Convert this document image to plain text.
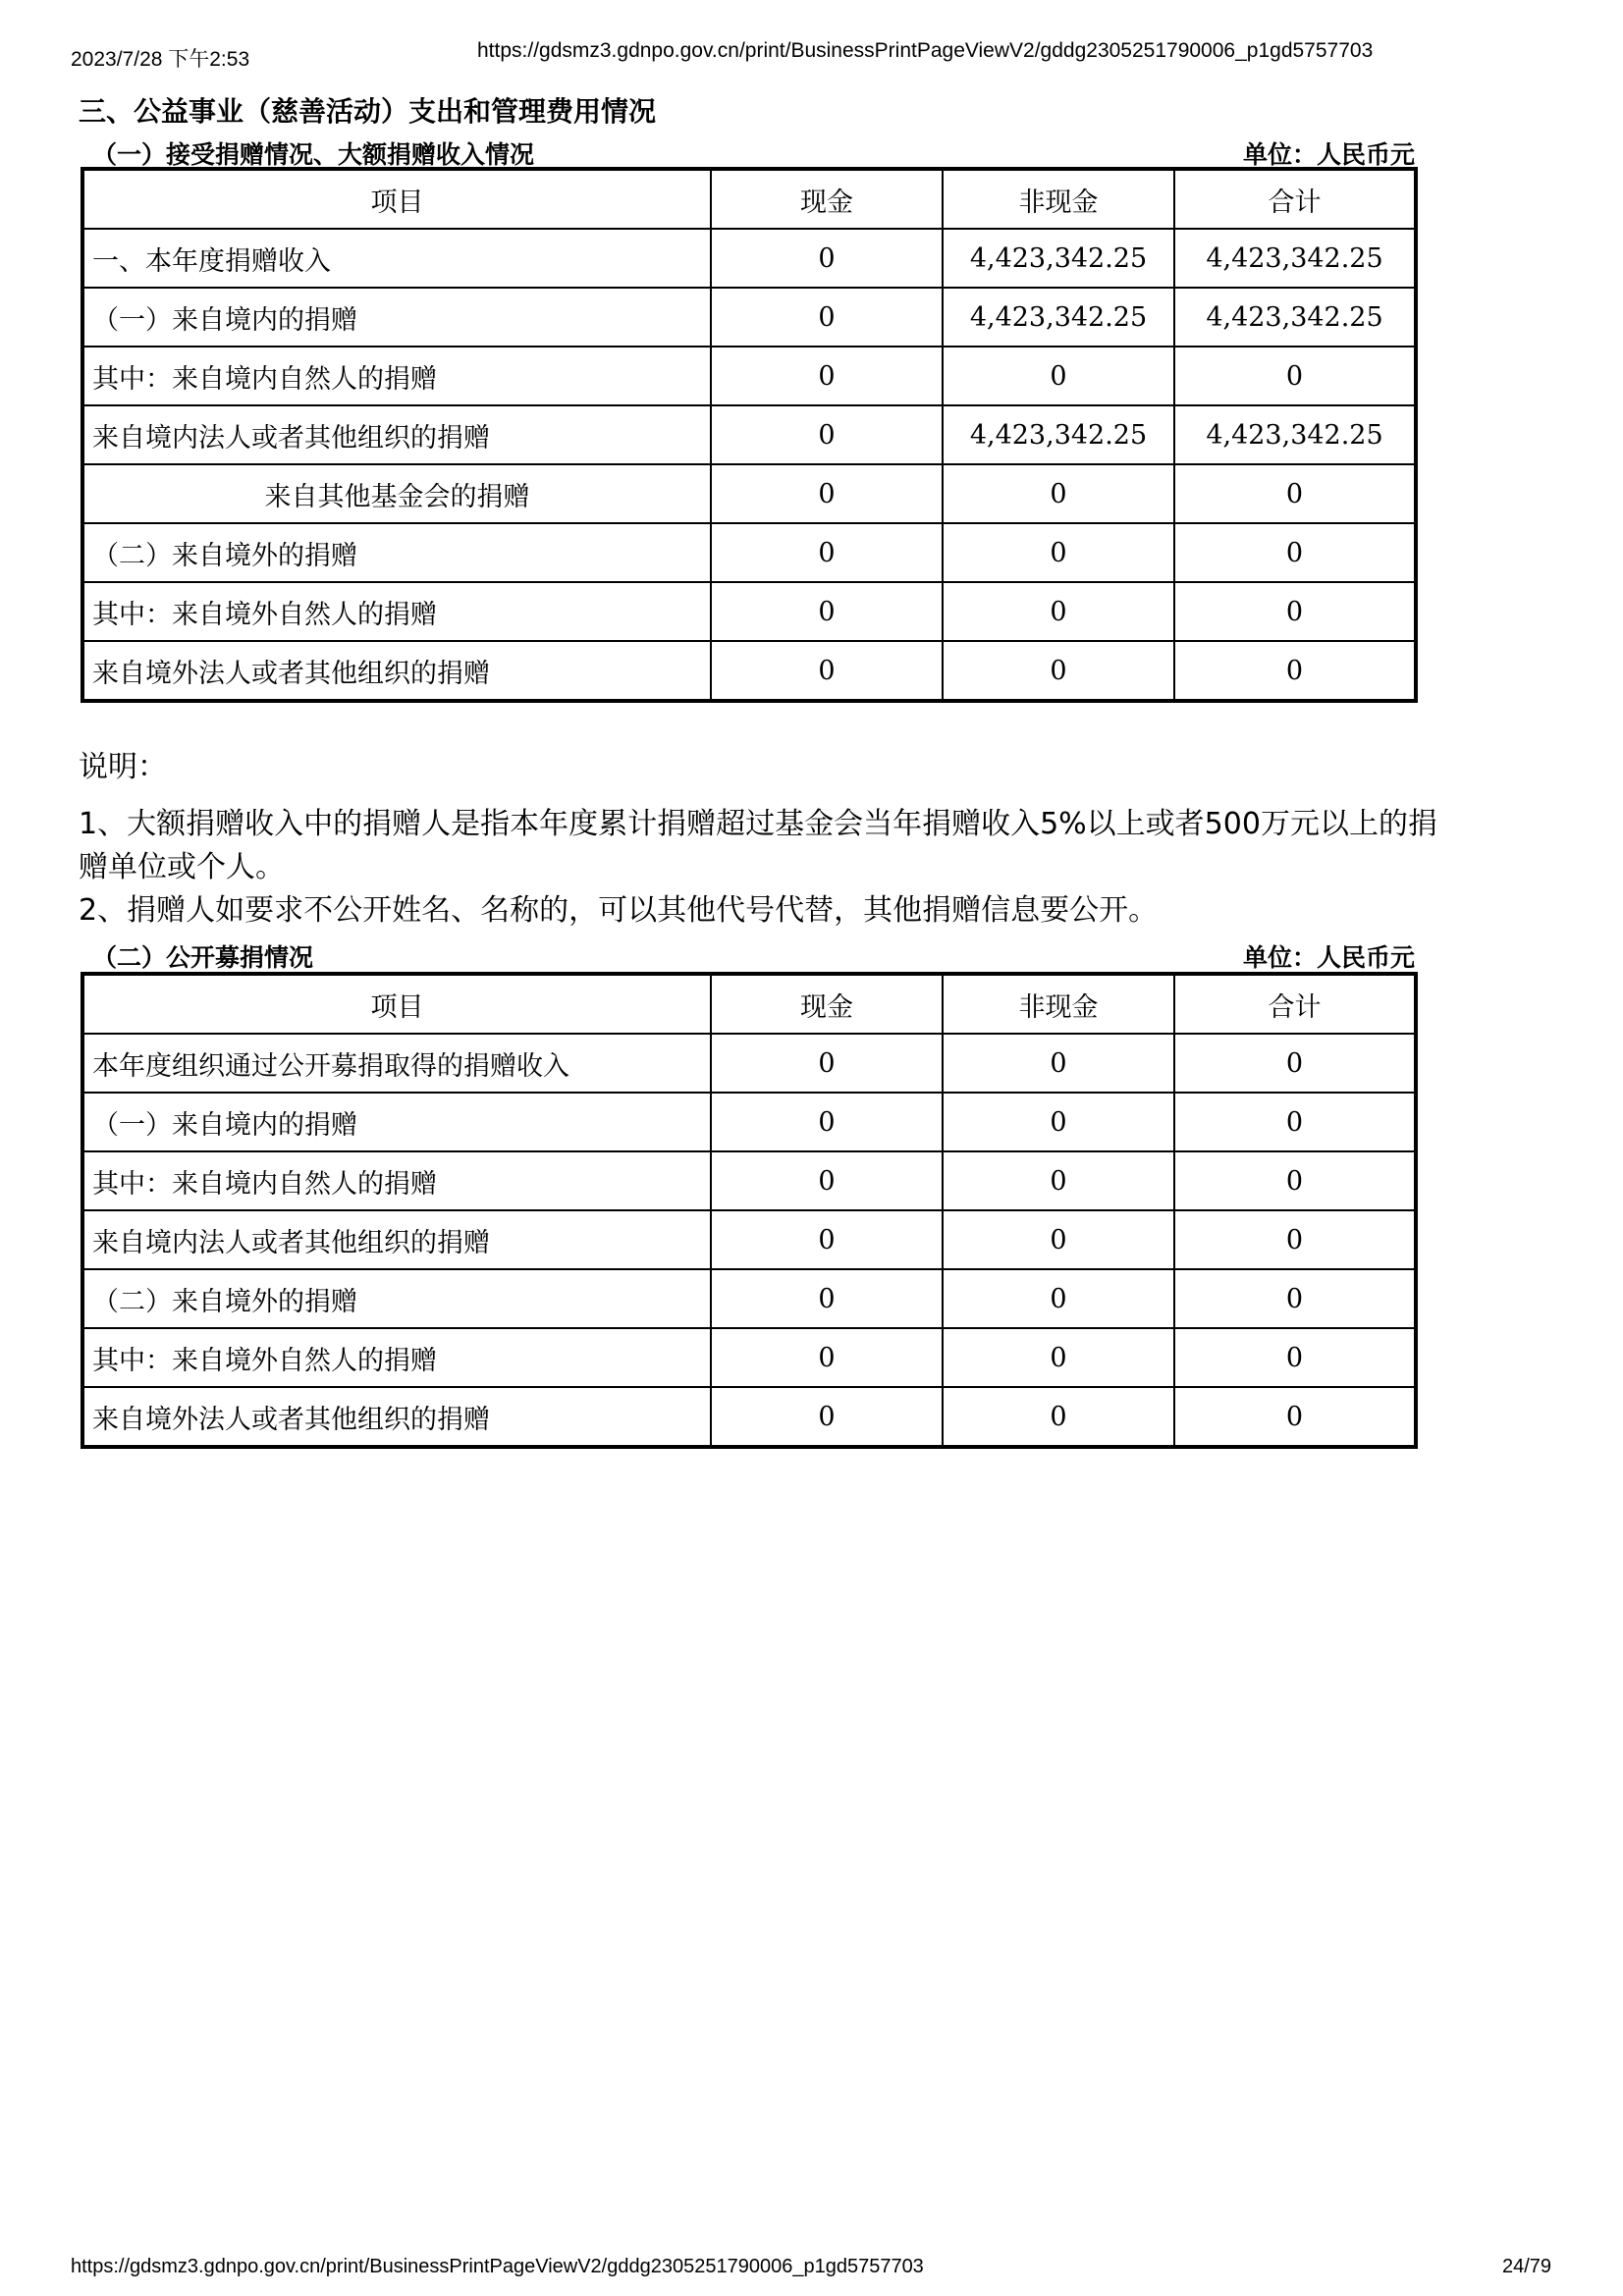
2023/7/28 下午2:53	https://gdsmz3.gdnpo.gov.cn/print/BusinessPrintPageViewV2/gddg2305251790006_p1gd5757703
三、公益事业（慈善活动）支出和管理费用情况
（一）接受捐赠情况、大额捐赠收入情况	单位：人民币元
项目	现金	非现金	合计
一、本年度捐赠收入	0	4,423,342.25	4,423,342.25
（一）来自境内的捐赠	0	4,423,342.25	4,423,342.25
其中：来自境内自然人的捐赠	0	0	0
来自境内法人或者其他组织的捐赠	0	4,423,342.25	4,423,342.25
来自其他基金会的捐赠	0	0	0
（二）来自境外的捐赠	0	0	0
其中：来自境外自然人的捐赠	0	0	0
来自境外法人或者其他组织的捐赠	0	0	0

说明：

1、大额捐赠收入中的捐赠人是指本年度累计捐赠超过基金会当年捐赠收入5%以上或者500万元以上的捐赠单位或个人。

2、捐赠人如要求不公开姓名、名称的，可以其他代号代替，其他捐赠信息要公开。

（二）公开募捐情况	单位：人民币元
项目	现金	非现金	合计
本年度组织通过公开募捐取得的捐赠收入	0	0	0
（一）来自境内的捐赠	0	0	0
其中：来自境内自然人的捐赠	0	0	0
来自境内法人或者其他组织的捐赠	0	0	0
（二）来自境外的捐赠	0	0	0
其中：来自境外自然人的捐赠	0	0	0
来自境外法人或者其他组织的捐赠	0	0	0
https://gdsmz3.gdnpo.gov.cn/print/BusinessPrintPageViewV2/gddg2305251790006_p1gd5757703	24/79
